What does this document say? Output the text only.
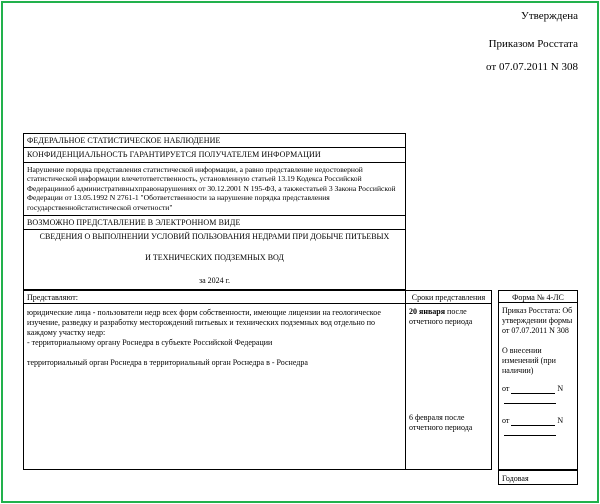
Утверждена
Приказом Росстата
от 07.07.2011 N 308
ФЕДЕРАЛЬНОЕ СТАТИСТИЧЕСКОЕ НАБЛЮДЕНИЕ
КОНФИДЕНЦИАЛЬНОСТЬ ГАРАНТИРУЕТСЯ ПОЛУЧАТЕЛЕМ ИНФОРМАЦИИ
Нарушение порядка представления статистической информации, а равно представление недостоверной статистической информации влечетответственность, установленную статьей 13.19 Кодекса Российской Федерациииоб административныхправонарушениях от 30.12.2001 N 195-ФЗ, а такжестатьей 3 Закона Российской Федерации от 13.05.1992 N 2761-1 "Обответственности за нарушение порядка представления государственнойстатистической отчетности"
ВОЗМОЖНО ПРЕДСТАВЛЕНИЕ В ЭЛЕКТРОННОМ ВИДЕ
СВЕДЕНИЯ О ВЫПОЛНЕНИИ УСЛОВИЙ ПОЛЬЗОВАНИЯ НЕДРАМИ ПРИ ДОБЫЧЕ ПИТЬЕВЫХ
И ТЕХНИЧЕСКИХ ПОДЗЕМНЫХ ВОД
за 2024 г.
Представляют:
юридические лица - пользователи недр всех форм собственности, имеющие лицензии на геологическое изучение, разведку и разработку месторождений питьевых и технических подземных вод отдельно по каждому участку недр:
- территориальному органу Роснедра в субъекте Российской Федерации
территориальный орган Роснедра в территориальный орган Роснедра в - Роснедра
Сроки представления
20 января после отчетного периода
6 февраля после отчетного периода
Форма № 4-ЛС
Приказ Росстата: Об утверждении формы от 07.07.2011 N 308
О внесении изменений (при наличии)
от	N
от	N
Годовая
